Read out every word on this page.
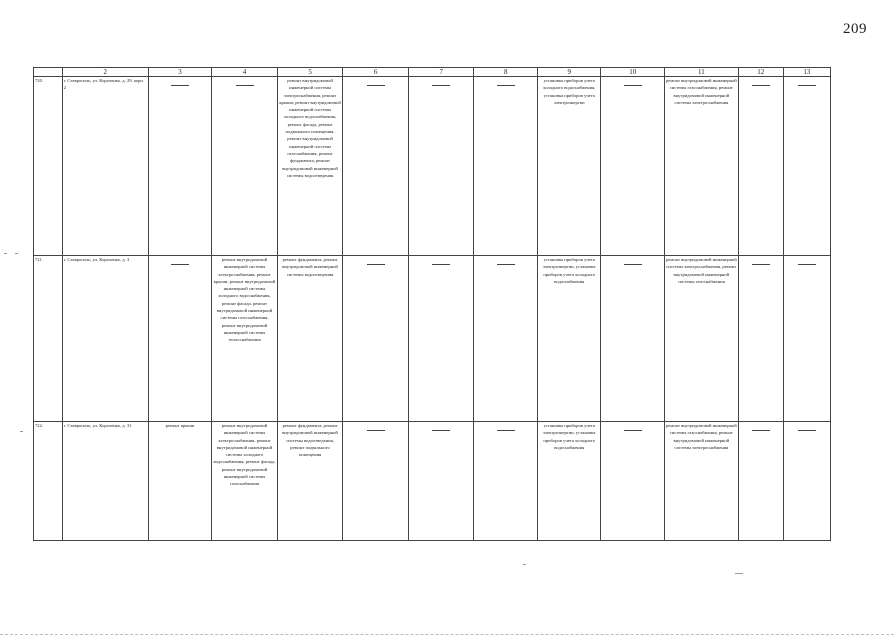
209
	2	3	4	5	6	7	8	9	10	11	12	13
720.	г. Ставрополь, ул. Короленко, д. 29, корп. 2			ремонт внутридомовой инженерной системы электроснабжения, ремонт крыши, ремонт внутридомовой инженерной системы холодного водоснабжения, ремонт фасада, ремонт подвального помещения, ремонт внутридомовой инженерной системы газоснабжения, ремонт фундамента, ремонт внутридомовой инженерной системы водоотведения				установка приборов учета холодного водоснабжения, установка приборов учета электроэнергии		ремонт внутридомовой инженерной системы газоснабжения, ремонт внутридомовой инженерной системы электроснабжения		
721.	г. Ставрополь, ул. Короленко, д. 3		ремонт внутридомовой инженерной системы электроснабжения, ремонт крыши, ремонт внутридомовой инженерной системы холодного водоснабжения, ремонт фасада, ремонт внутридомовой инженерной системы газоснабжения, ремонт внутридомовой инженерной системы теплоснабжения	ремонт фундамента, ремонт внутридомовой инженерной системы водоотведения				установка приборов учета электроэнергии, установка приборов учета холодного водоснабжения		ремонт внутридомовой инженерной системы электроснабжения, ремонт внутридомовой инженерной системы газоснабжения		
722.	г. Ставрополь, ул. Короленко, д. 31	ремонт крыши	ремонт внутридомовой инженерной системы электроснабжения, ремонт внутридомовой инженерной системы холодного водоснабжения, ремонт фасада, ремонт внутридомовой инженерной системы газоснабжения	ремонт фундамента, ремонт внутридомовой инженерной системы водоотведения, ремонт подвального помещения				установка приборов учета электроэнергии, установка приборов учета холодного водоснабжения		ремонт внутридомовой инженерной системы газоснабжения, ремонт внутридомовой инженерной системы электроснабжения		
